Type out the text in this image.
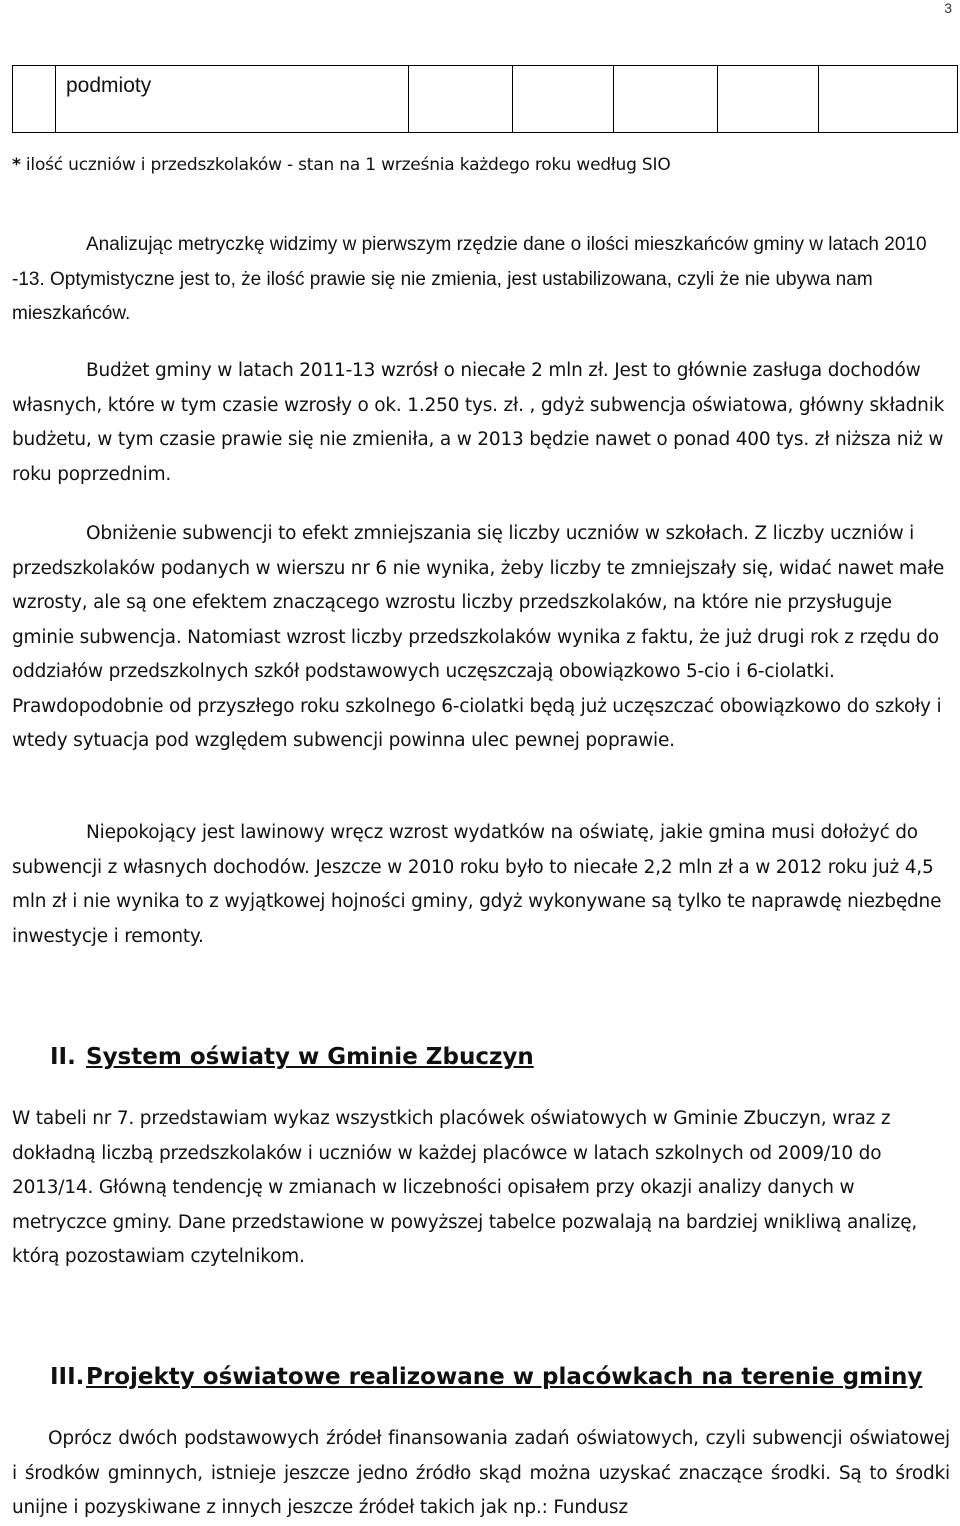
3
	podmioty					
* ilość uczniów i przedszkolaków - stan na 1 września każdego roku według SIO

Analizując metryczkę widzimy w pierwszym rzędzie dane o ilości mieszkańców gminy w latach 2010 -13. Optymistyczne jest to, że ilość prawie się nie zmienia, jest ustabilizowana, czyli że nie ubywa nam mieszkańców.

Budżet gminy w latach 2011-13 wzrósł o niecałe 2 mln zł. Jest to głównie zasługa dochodów własnych, które w tym czasie wzrosły o ok. 1.250 tys. zł. , gdyż subwencja oświatowa, główny składnik budżetu, w tym czasie prawie się nie zmieniła, a w 2013 będzie nawet o ponad 400 tys. zł niższa niż w roku poprzednim.

Obniżenie subwencji to efekt zmniejszania się liczby uczniów w szkołach. Z liczby uczniów i przedszkolaków podanych w wierszu nr 6 nie wynika, żeby liczby te zmniejszały się, widać nawet małe wzrosty, ale są one efektem znaczącego wzrostu liczby przedszkolaków, na które nie przysługuje gminie subwencja. Natomiast wzrost liczby przedszkolaków wynika z faktu, że już drugi rok z rzędu do oddziałów przedszkolnych szkół podstawowych uczęszczają obowiązkowo 5-cio i 6-ciolatki. Prawdopodobnie od przyszłego roku szkolnego 6-ciolatki będą już uczęszczać obowiązkowo do szkoły i wtedy sytuacja pod względem subwencji powinna ulec pewnej poprawie.

Niepokojący jest lawinowy wręcz wzrost wydatków na oświatę, jakie gmina musi dołożyć do subwencji z własnych dochodów. Jeszcze w 2010 roku było to niecałe 2,2 mln zł a w 2012 roku już 4,5 mln zł i nie wynika to z wyjątkowej hojności gminy, gdyż wykonywane są tylko te naprawdę niezbędne inwestycje i remonty.

II. System oświaty w Gminie Zbuczyn

W tabeli nr 7. przedstawiam wykaz wszystkich placówek oświatowych w Gminie Zbuczyn, wraz z dokładną liczbą przedszkolaków i uczniów w każdej placówce w latach szkolnych od 2009/10 do 2013/14. Główną tendencję w zmianach w liczebności opisałem przy okazji analizy danych w metryczce gminy. Dane przedstawione w powyższej tabelce pozwalają na bardziej wnikliwą analizę, którą pozostawiam czytelnikom.

III.Projekty oświatowe realizowane w placówkach na terenie gminy

Oprócz dwóch podstawowych źródeł finansowania zadań oświatowych, czyli subwencji oświatowej i środków gminnych, istnieje jeszcze jedno źródło skąd można uzyskać znaczące środki. Są to środki unijne i pozyskiwane z innych jeszcze źródeł takich jak np.: Fundusz
